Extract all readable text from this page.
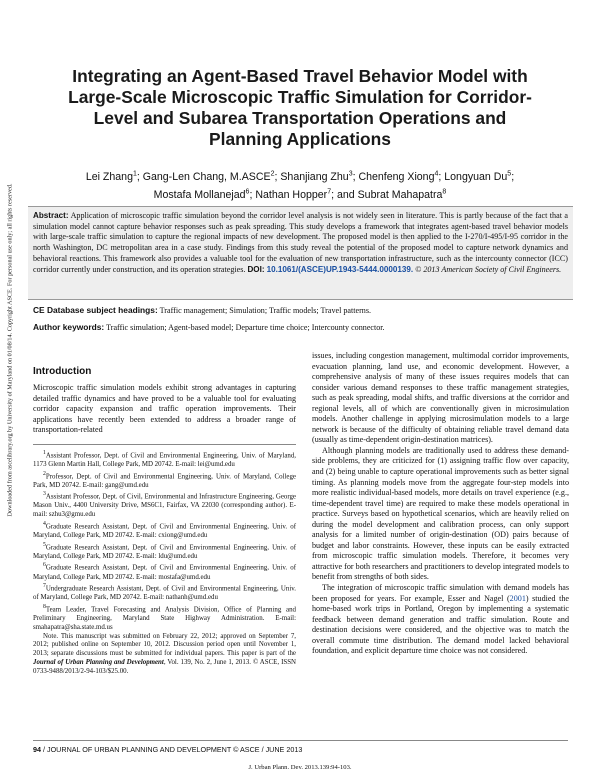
Downloaded from ascelibrary.org by University of Maryland on 01/08/14. Copyright ASCE. For personal use only; all rights reserved.
Integrating an Agent-Based Travel Behavior Model with Large-Scale Microscopic Traffic Simulation for Corridor-Level and Subarea Transportation Operations and Planning Applications
Lei Zhang$^1$; Gang-Len Chang, M.ASCE$^2$; Shanjiang Zhu$^3$; Chenfeng Xiong$^4$; Longyuan Du$^5$;
Mostafa Mollanejad$^6$; Nathan Hopper$^7$; and Subrat Mahapatra$^8$
Abstract: Application of microscopic traffic simulation beyond the corridor level analysis is not widely seen in literature. This is partly because of the fact that a simulation model cannot capture behavior responses such as peak spreading. This study develops a framework that integrates agent-based travel behavior models with large-scale traffic simulation to capture the regional impacts of new development. The proposed model is then applied to the I-270/I-495/I-95 corridor in the north Washington, DC metropolitan area in a case study. Findings from this study reveal the potential of the proposed model to capture network dynamics and behavioral reactions. This framework also provides a valuable tool for the evaluation of new transportation infrastructure, such as the intercounty connector (ICC) corridor currently under construction, and its operation strategies. DOI: 10.1061/(ASCE)UP.1943-5444.0000139. © 2013 American Society of Civil Engineers.
CE Database subject headings: Traffic management; Simulation; Traffic models; Travel patterns.
Author keywords: Traffic simulation; Agent-based model; Departure time choice; Intercounty connector.
Introduction

Microscopic traffic simulation models exhibit strong advantages in capturing detailed traffic dynamics and have proved to be a valuable tool for evaluating corridor capacity expansion and traffic operation improvements. Their applications have recently been extended to address a broader range of transportation-related

$^1$Assistant Professor, Dept. of Civil and Environmental Engineering, Univ. of Maryland, 1173 Glenn Martin Hall, College Park, MD 20742. E-mail: lei@umd.edu

$^2$Professor, Dept. of Civil and Environmental Engineering, Univ. of Maryland, College Park, MD 20742. E-mail: gang@umd.edu

$^3$Assistant Professor, Dept. of Civil, Environmental and Infrastructure Engineering, George Mason Univ., 4400 University Drive, MS6C1, Fairfax, VA 22030 (corresponding author). E-mail: szhu3@gmu.edu

$^4$Graduate Research Assistant, Dept. of Civil and Environmental Engineering, Univ. of Maryland, College Park, MD 20742. E-mail: cxiong@umd.edu

$^5$Graduate Research Assistant, Dept. of Civil and Environmental Engineering, Univ. of Maryland, College Park, MD 20742. E-mail: ldu@umd.edu

$^6$Graduate Research Assistant, Dept. of Civil and Environmental Engineering, Univ. of Maryland, College Park, MD 20742. E-mail: mostafa@umd.edu

$^7$Undergraduate Research Assistant, Dept. of Civil and Environmental Engineering, Univ. of Maryland, College Park, MD 20742. E-mail: nathanh@umd.edu

$^8$Team Leader, Travel Forecasting and Analysis Division, Office of Planning and Preliminary Engineering, Maryland State Highway Administration. E-mail: smahapatra@sha.state.md.us

Note. This manuscript was submitted on February 22, 2012; approved on September 7, 2012; published online on September 10, 2012. Discussion period open until November 1, 2013; separate discussions must be submitted for individual papers. This paper is part of the Journal of Urban Planning and Development, Vol. 139, No. 2, June 1, 2013. © ASCE, ISSN 0733-9488/2013/2-94-103/$25.00.

issues, including congestion management, multimodal corridor improvements, evacuation planning, land use, and economic development. However, a comprehensive analysis of many of these issues requires models that can consider various demand responses to these traffic management strategies, such as peak spreading, modal shifts, and traffic diversions at the corridor and regional levels, all of which are conventionally given in microsimulation models. Another challenge in applying microsimulation models to a large network is because of the difficulty of obtaining reliable travel demand data (usually as time-dependent origin-destination matrices).

Although planning models are traditionally used to address these demand-side problems, they are criticized for (1) assigning traffic flow over capacity, and (2) being unable to capture operational improvements such as better signal timing. As planning models move from the aggregate four-step models into more realistic individual-based models, more details on travel experience (e.g., time-dependent travel time) are required to make these models operational in practice. Surveys based on hypothetical scenarios, which are heavily relied on during the model development and calibration process, can only support analysis for a limited number of origin-destination (OD) pairs because of budget and labor constraints. However, these inputs can be easily extracted from microscopic traffic simulation models. Therefore, it becomes very attractive for both researchers and practitioners to develop integrated models to benefit from strengths of both sides.

The integration of microscopic traffic simulation with demand models has been proposed for years. For example, Esser and Nagel (2001) studied the home-based work trips in Portland, Oregon by implementing a systematic feedback between demand generation and traffic simulation. Route and destination decisions were considered, and the objective was to match the overall commute time distribution. The demand model lacked behavioral foundation, and explicit departure time choice was not considered.

94 / JOURNAL OF URBAN PLANNING AND DEVELOPMENT © ASCE / JUNE 2013
J. Urban Plann. Dev. 2013.139:94-103.
